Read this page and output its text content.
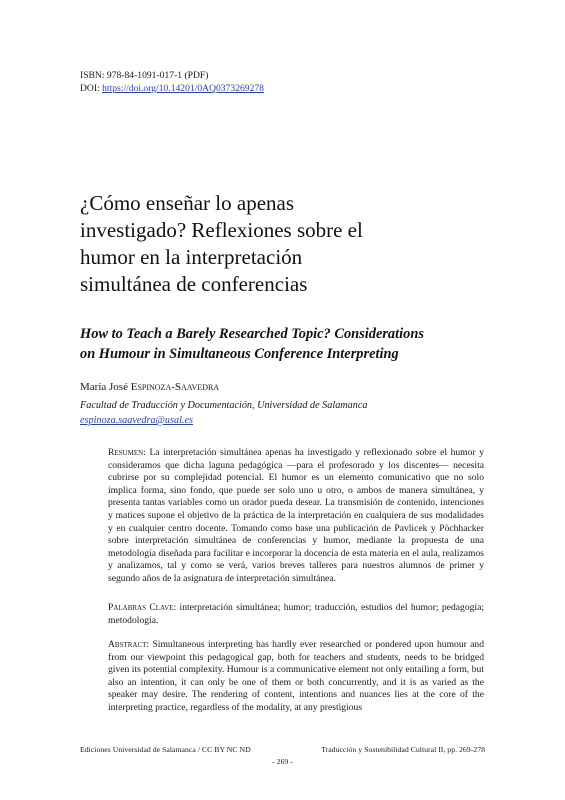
ISBN: 978-84-1091-017-1 (PDF)
DOI: https://doi.org/10.14201/0AQ0373269278
¿Cómo enseñar lo apenas
investigado? Reflexiones sobre el
humor en la interpretación
simultánea de conferencias
How to Teach a Barely Researched Topic? Considerations
on Humour in Simultaneous Conference Interpreting
María José Espinoza-Saavedra
Facultad de Traducción y Documentación, Universidad de Salamanca
espinoza.saavedra@usal.es

Resumen: La interpretación simultánea apenas ha investigado y reflexionado sobre el humor y consideramos que dicha laguna pedagógica —para el profesorado y los discentes— necesita cubrirse por su complejidad potencial. El humor es un elemento comunicativo que no solo implica forma, sino fondo, que puede ser solo uno u otro, o ambos de manera simultánea, y presenta tantas variables como un orador pueda desear. La transmisión de contenido, intenciones y matices supone el objetivo de la práctica de la interpretación en cualquiera de sus modalidades y en cualquier centro docente. Tomando como base una publicación de Pavlicek y Pöchhacker sobre interpretación simultánea de conferencias y humor, mediante la propuesta de una metodología diseñada para facilitar e incorporar la docencia de esta materia en el aula, realizamos y analizamos, tal y como se verá, varios breves talleres para nuestros alumnos de primer y segundo años de la asignatura de interpretación simultánea.

Palabras Clave: interpretación simultánea; humor; traducción, estudios del humor; pedagogía; metodología.

Abstract: Simultaneous interpreting has hardly ever researched or pondered upon humour and from our viewpoint this pedagogical gap, both for teachers and students, needs to be bridged given its potential complexity. Humour is a communicative element not only entailing a form, but also an intention, it can only be one of them or both concurrently, and it is as varied as the speaker may desire. The rendering of content, intentions and nuances lies at the core of the interpreting practice, regardless of the modality, at any prestigious

Ediciones Universidad de Salamanca / CC BY NC ND	Traducción y Sostenibilidad Cultural II, pp. 269-278
- 269 -
